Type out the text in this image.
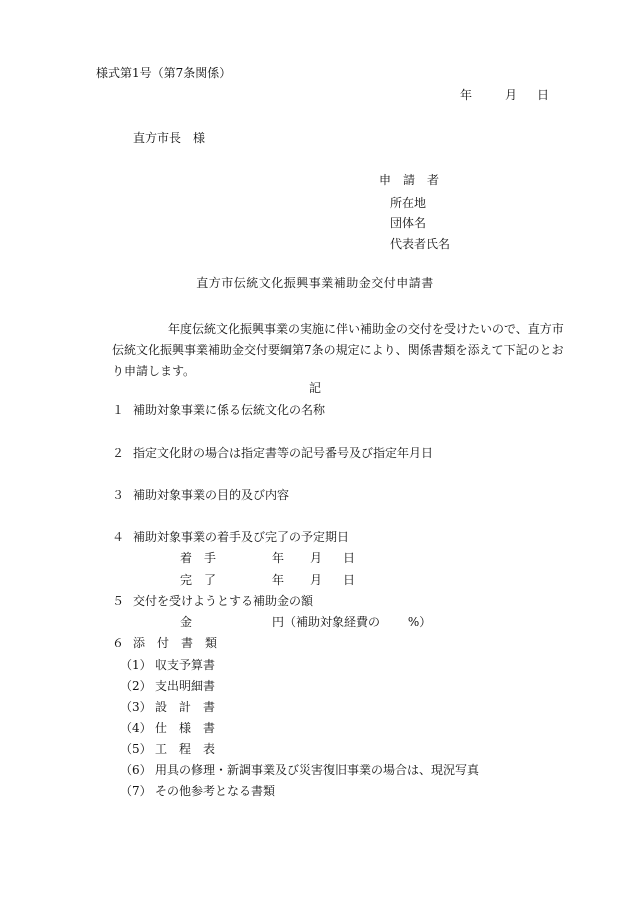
様式第1号（第7条関係）
年	月 日
直方市長　様
申　請　者
所在地
団体名
代表者氏名
直方市伝統文化振興事業補助金交付申請書
年度伝統文化振興事業の実施に伴い補助金の交付を受けたいので、直方市伝統文化振興事業補助金交付要綱第7条の規定により、関係書類を添えて下記のとおり申請します。
記
１ 補助対象事業に係る伝統文化の名称
２ 指定文化財の場合は指定書等の記号番号及び指定年月日
３ 補助対象事業の目的及び内容
４ 補助対象事業の着手及び完了の予定期日
着　手	年 月 日
完　了	年 月 日
５ 交付を受けようとする補助金の額
金	円（補助対象経費の　　 %）
６ 添　付　書　類
（1） 収支予算書
（2） 支出明細書
（3） 設　計　書
（4） 仕　様　書
（5） 工　程　表
（6） 用具の修理・新調事業及び災害復旧事業の場合は、現況写真
（7） その他参考となる書類
